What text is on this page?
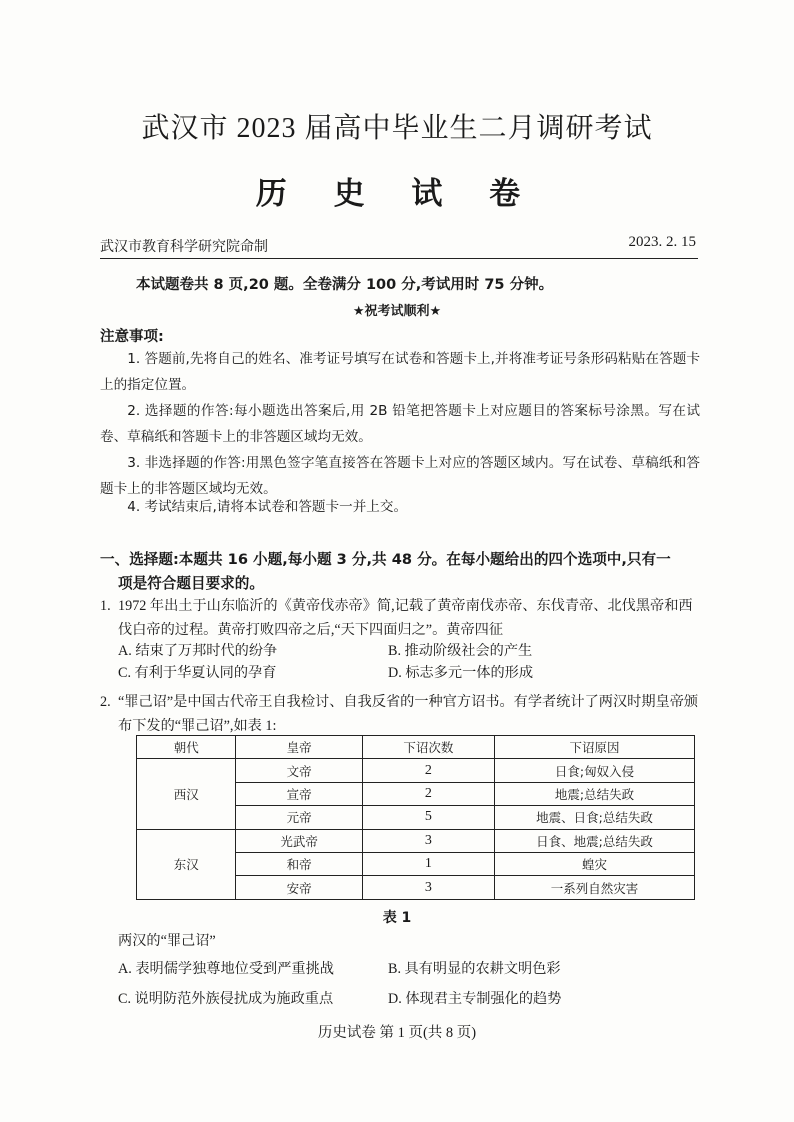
武汉市 2023 届高中毕业生二月调研考试
历 史 试 卷
武汉市教育科学研究院命制	2023. 2. 15
本试题卷共 8 页,20 题。全卷满分 100 分,考试用时 75 分钟。
★祝考试顺利★
注意事项:
1. 答题前,先将自己的姓名、准考证号填写在试卷和答题卡上,并将准考证号条形码粘贴在答题卡上的指定位置。
2. 选择题的作答:每小题选出答案后,用 2B 铅笔把答题卡上对应题目的答案标号涂黑。写在试卷、草稿纸和答题卡上的非答题区域均无效。
3. 非选择题的作答:用黑色签字笔直接答在答题卡上对应的答题区域内。写在试卷、草稿纸和答题卡上的非答题区域均无效。
4. 考试结束后,请将本试卷和答题卡一并上交。
一、选择题:本题共 16 小题,每小题 3 分,共 48 分。在每小题给出的四个选项中,只有一
项是符合题目要求的。
1. 1972 年出土于山东临沂的《黄帝伐赤帝》简,记载了黄帝南伐赤帝、东伐青帝、北伐黑帝和西伐白帝的过程。黄帝打败四帝之后,“天下四面归之”。黄帝四征
A. 结束了万邦时代的纷争	B. 推动阶级社会的产生
C. 有利于华夏认同的孕育	D. 标志多元一体的形成
2. “罪己诏”是中国古代帝王自我检讨、自我反省的一种官方诏书。有学者统计了两汉时期皇帝颁布下发的“罪己诏”,如表 1:
朝代	皇帝	下诏次数	下诏原因
西汉	文帝	2	日食;匈奴入侵
	宣帝	2	地震;总结失政
	元帝	5	地震、日食;总结失政
东汉	光武帝	3	日食、地震;总结失政
	和帝	1	蝗灾
	安帝	3	一系列自然灾害
表 1
两汉的“罪己诏”
A. 表明儒学独尊地位受到严重挑战	B. 具有明显的农耕文明色彩
C. 说明防范外族侵扰成为施政重点	D. 体现君主专制强化的趋势
历史试卷 第 1 页(共 8 页)
